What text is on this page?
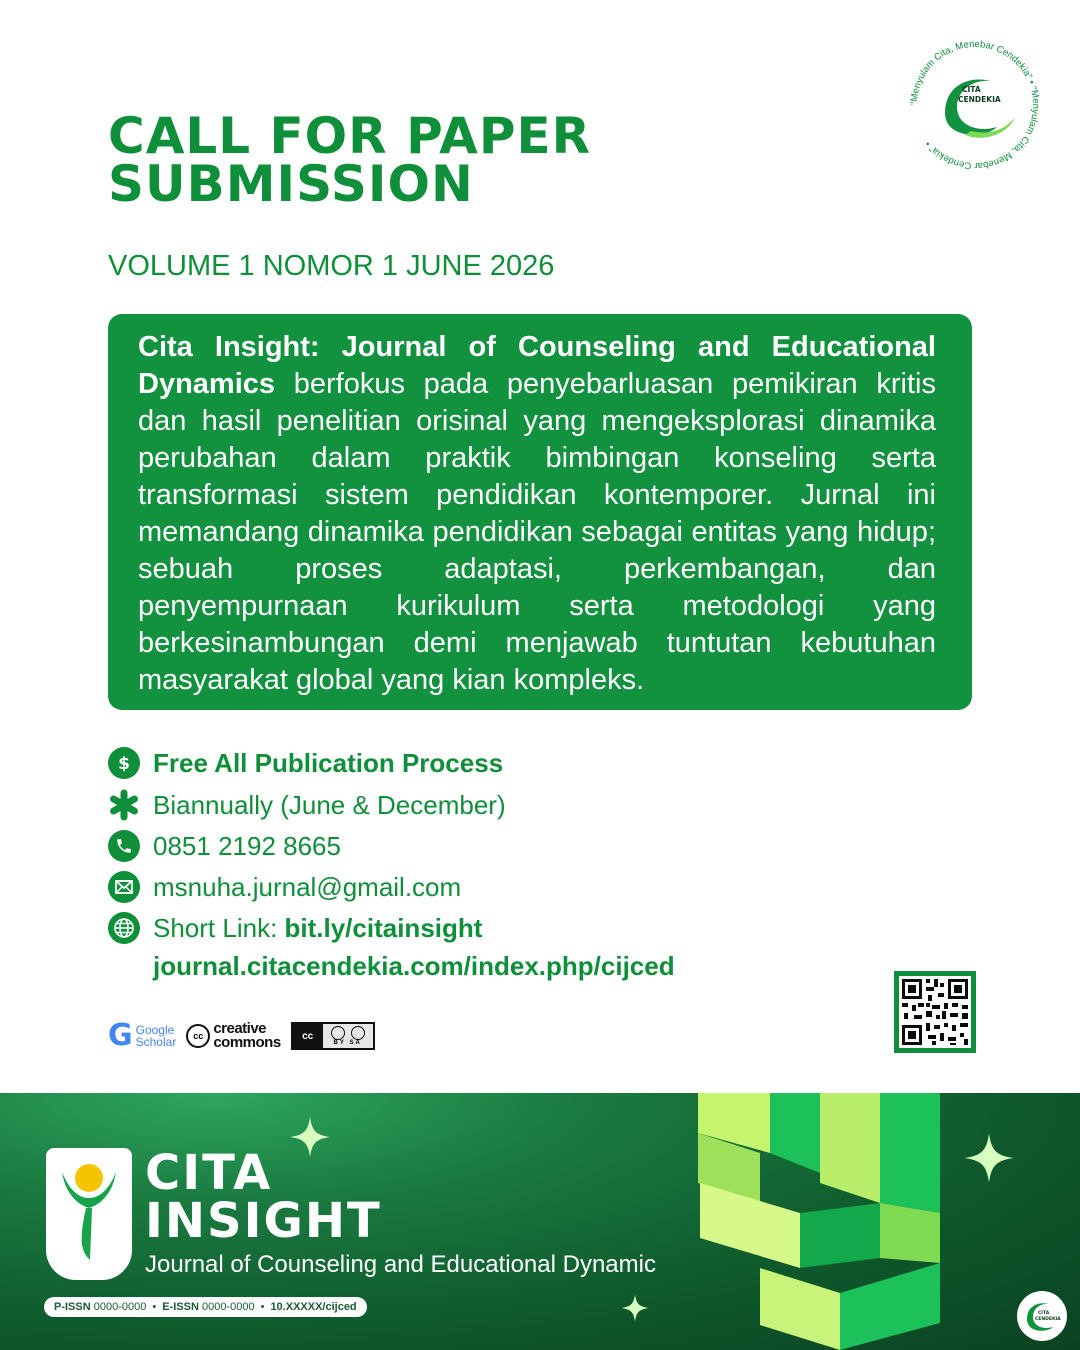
“Menyulam Cita, Menebar Cendekia” • “Menyulam Cita, Menebar Cendekia” •
CITA
CENDEKIA
CALL FOR PAPER
SUBMISSION
VOLUME 1 NOMOR 1 JUNE 2026

Cita Insight: Journal of Counseling and Educational Dynamics berfokus pada penyebarluasan pemikiran kritis dan hasil penelitian orisinal yang mengeksplorasi dinamika perubahan dalam praktik bimbingan konseling serta transformasi sistem pendidikan kontemporer. Jurnal ini memandang dinamika pendidikan sebagai entitas yang hidup; sebuah proses adaptasi, perkembangan, dan penyempurnaan kurikulum serta metodologi yang berkesinambungan demi menjawab tuntutan kebutuhan masyarakat global yang kian kompleks.

$ Free All Publication Process
Biannually (June & December)
0851 2192 8665
msnuha.jurnal@gmail.com
Short Link: bit.ly/citainsight
journal.citacendekia.com/index.php/cijced
G Google
Scholar	cc creative
commons	cc
BY SA
CITA
INSIGHT
Journal of Counseling and Educational Dynamic
P-ISSN
0000-0000 • E-ISSN
0000-0000 • 10.XXXXX/cijced
CITA
CENDEKIA
